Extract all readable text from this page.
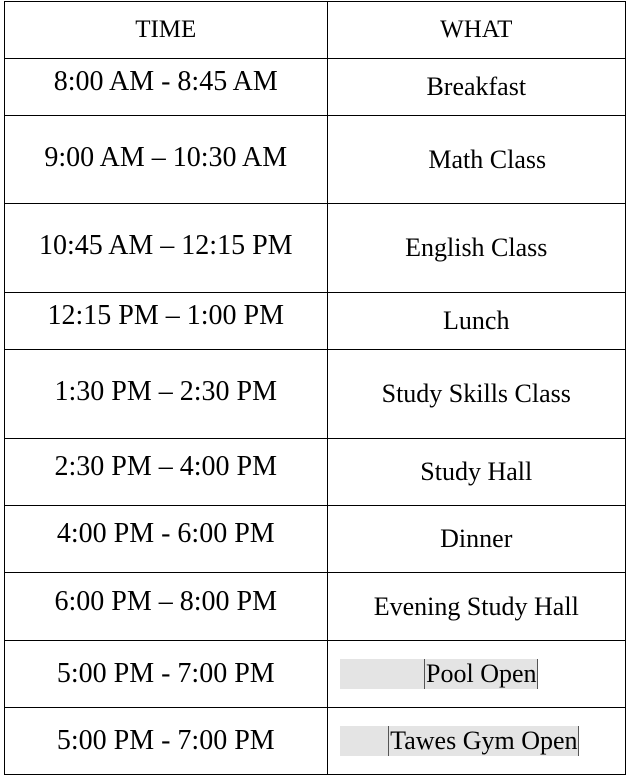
TIME	WHAT
8:00 AM - 8:45 AM	Breakfast
9:00 AM – 10:30 AM	Math Class
10:45 AM – 12:15 PM	English Class
12:15 PM – 1:00 PM	Lunch
1:30 PM – 2:30 PM	Study Skills Class
2:30 PM – 4:00 PM	Study Hall
4:00 PM - 6:00 PM	Dinner
6:00 PM – 8:00 PM	Evening Study Hall
5:00 PM - 7:00 PM	Pool Open
5:00 PM - 7:00 PM	Tawes Gym Open
